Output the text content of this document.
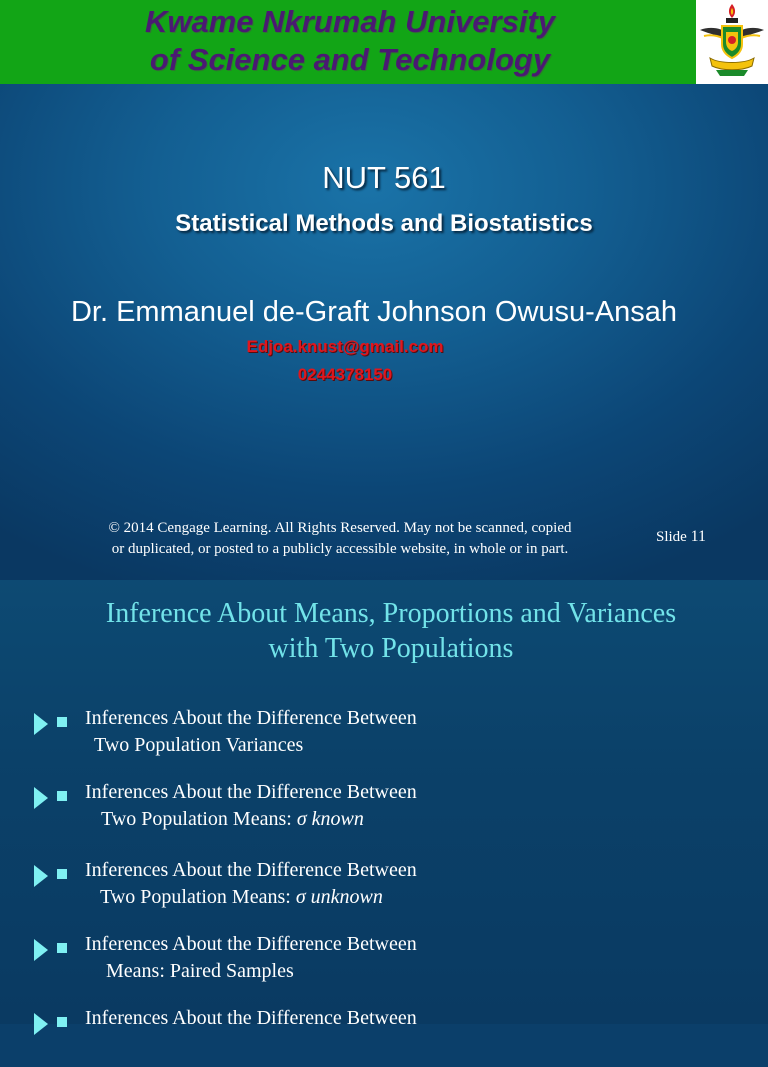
Kwame Nkrumah University
of Science and Technology
NUT 561
Statistical Methods and Biostatistics
Dr. Emmanuel de-Graft Johnson Owusu-Ansah
Edjoa.knust@gmail.com
0244378150
© 2014 Cengage Learning. All Rights Reserved. May not be scanned, copied
or duplicated, or posted to a publicly accessible website, in whole or in part.
Slide 11
Inference About Means, Proportions and Variances
with Two Populations
Inferences About the Difference Between
Two Population Variances
Inferences About the Difference Between
Two Population Means: σ known
Inferences About the Difference Between
Two Population Means: σ unknown
Inferences About the Difference Between
Means: Paired Samples
Inferences About the Difference Between
